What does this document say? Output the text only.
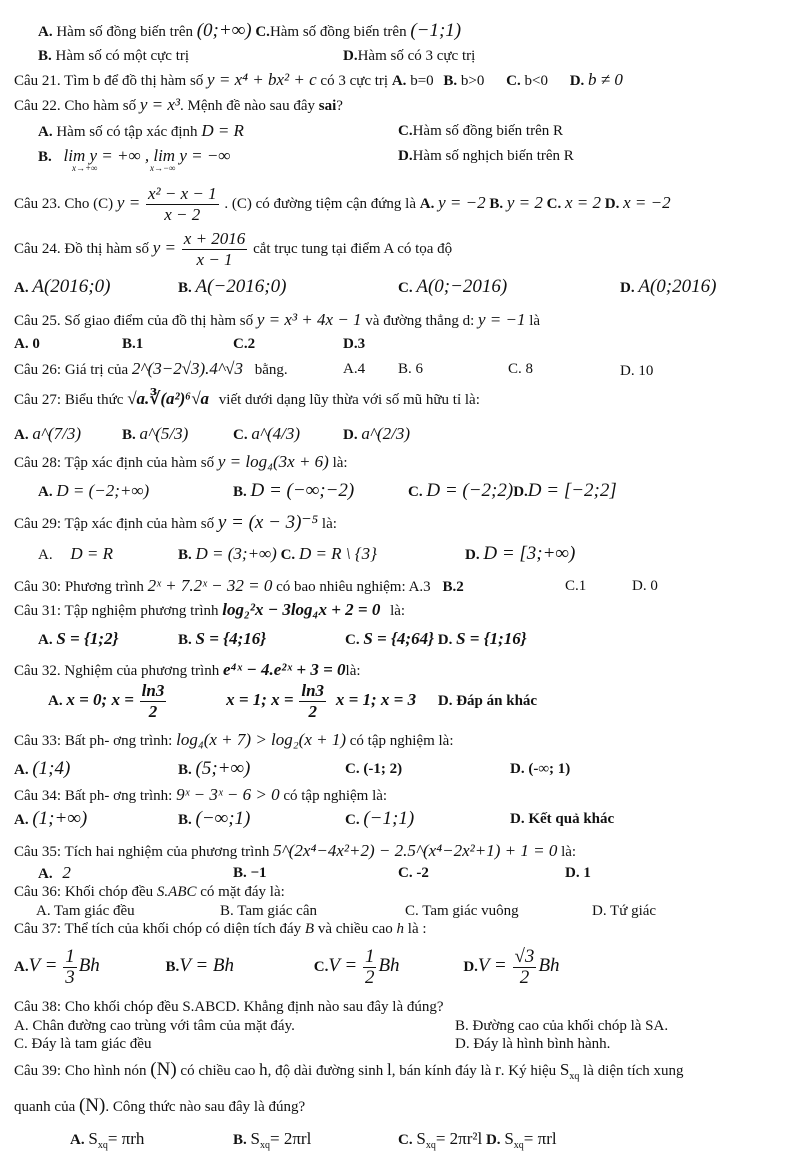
A. Hàm số đồng biến trên (0;+∞) C.Hàm số đồng biến trên (−1;1)
B. Hàm số có một cực trị	D.Hàm số có 3 cực trị
Câu 21. Tìm b để đồ thị hàm số y = x⁴ + bx² + c có 3 cực trị A. b=0 B. b>0 C. b<0 D. b ≠ 0
Câu 22. Cho hàm số y = x³. Mệnh đề nào sau đây sai?
A. Hàm số có tập xác định D = R	C.Hàm số đồng biến trên R
B. lim y = +∞ , lim y = −∞
x→+∞	x→−∞
D.Hàm số nghịch biến trên R
Câu 23. Cho (C) $y = \frac{\text{x² − x − 1}}{x - 2}$ . (C) có đường tiệm cận đứng là A. y = −2 B. y = 2 C. x = 2 D. x = −2
Câu 24. Đồ thị hàm số $y = \frac{x + 2016}{x - 1}$ cắt trục tung tại điểm A có tọa độ
A. A(2016;0)	B. A(−2016;0)	C. A(0;−2016)	D. A(0;2016)
Câu 25. Số giao điểm của đồ thị hàm số y = x³ + 4x − 1 và đường thẳng d: y = −1 là
A. 0	B.1	C.2	D.3
Câu 26: Giá trị của 2^(3−2√3).4^√3 bằng.	A.4 B. 6	C. 8	D. 10
Câu 27: Biểu thức √a.∛(a²)⁶√a viết dưới dạng lũy thừa với số mũ hữu tỉ là:
A. a^(7/3)	B. a^(5/3)	C. a^(4/3)	D. a^(2/3)
Câu 28: Tập xác định của hàm số y = log₄(3x + 6) là:
A. D = (−2;+∞)	B. D = (−∞;−2)	C. D = (−2;2)D.D = [−2;2]
Câu 29: Tập xác định của hàm số y = (x − 3)⁻⁵ là:
A. D = R	B. D = (3;+∞) C. D = R \ {3}	D. D = [3;+∞)
Câu 30: Phương trình 2ˣ + 7.2ˣ − 32 = 0 có bao nhiêu nghiệm: A.3 B.2	C.1	D. 0
Câu 31: Tập nghiệm phương trình log₂²x − 3log₄x + 2 = 0 là:
A. S = {1;2}	B. S = {4;16}	C. S = {4;64} D. S = {1;16}
Câu 32. Nghiệm của phương trình e⁴ˣ − 4.e²ˣ + 3 = 0là:
A. x = 0; $x = \frac{\ln 3}{2}$	x = 1; $x = \frac{\ln 3}{2}$ x = 1; x = 3 D. Đáp án khác
Câu 33: Bất ph- ơng trình: log₄(x + 7) > log₂(x + 1) có tập nghiệm là:
A. (1;4)	B. (5;+∞)	C. (-1; 2)	D. (-∞; 1)
Câu 34: Bất ph- ơng trình: 9ˣ − 3ˣ − 6 > 0 có tập nghiệm là:
A. (1;+∞)	B. (−∞;1)	C. (−1;1)	D. Kết quả khác
Câu 35: Tích hai nghiệm của phương trình 5^(2x⁴−4x²+2) − 2.5^(x⁴−2x²+1) + 1 = 0 là:
A. 2	B. −1	C. -2	D. 1
Câu 36: Khối chóp đều S.ABC có mặt đáy là:
A. Tam giác đều	B. Tam giác cân	C. Tam giác vuông	D. Tứ giác
Câu 37: Thể tích của khối chóp có diện tích đáy B và chiều cao h là :
$A.V = \frac{1}{3}$ Bh	B.V = Bh	$C.V = \frac{1}{2}$ Bh	$D.V = \frac{√3}{2}$ Bh
Câu 38: Cho khối chóp đều S.ABCD. Khẳng định nào sau đây là đúng?
A. Chân đường cao trùng với tâm của mặt đáy.	B. Đường cao của khối chóp là SA.
C. Đáy là tam giác đều	D. Đáy là hình bình hành.
Câu 39: Cho hình nón (N) có chiều cao h, độ dài đường sinh l, bán kính đáy là r. Ký hiệu $S_{xq}$ là diện tích xung
quanh của (N). Công thức nào sau đây là đúng?
A. $S_{xq}= \pi rh$	B. $S_{xq}= 2\pi rl$	C. $S_{xq}= 2\pi r^2l$ D. $S_{xq}= \pi rl$
